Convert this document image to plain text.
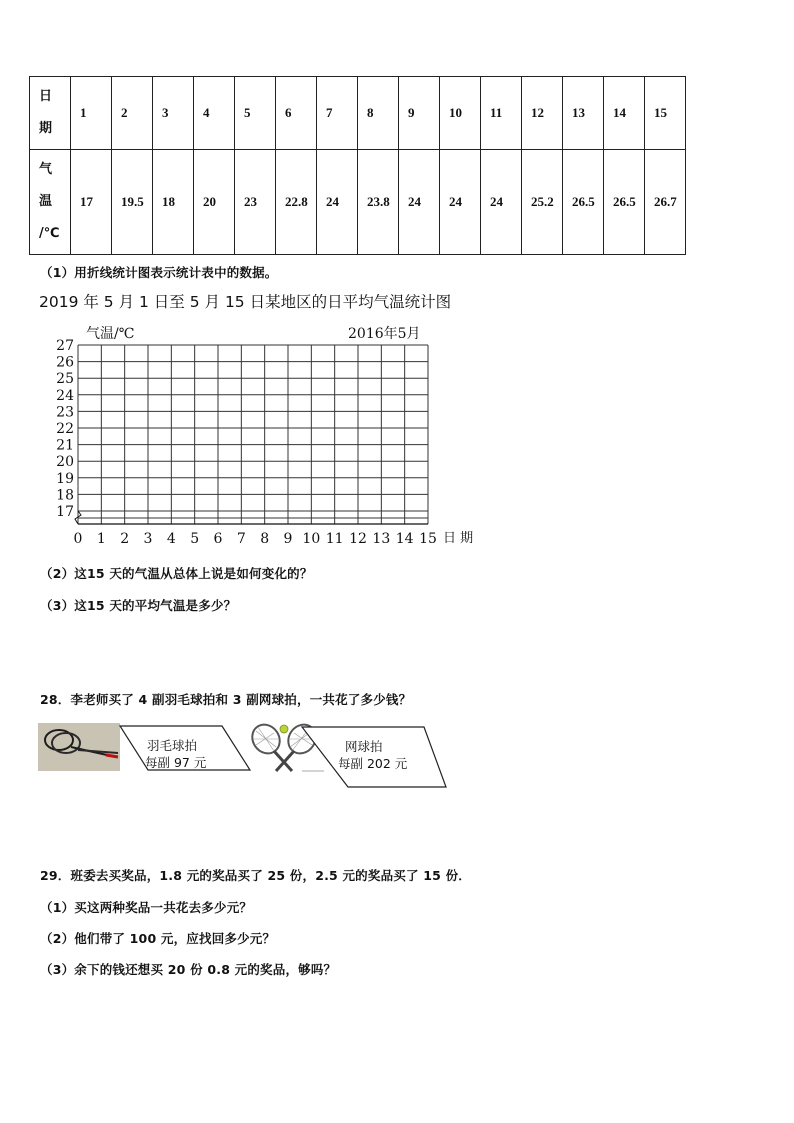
日
期	1	2	3	4	5	6	7	8	9	10	11	12	13	14	15

气
温
/℃	17	19.5	18	20	23	22.8	24	23.8	24	24	24	25.2	26.5	26.5	26.7
（1）用折线统计图表示统计表中的数据。
2019 年 5 月 1 日至 5 月 15 日某地区的日平均气温统计图
17
18
19
20
21
22
23
24
25
26
27
0 1 2 3 4 5 6 7 8 9 10 11 12 13 14 15
气温/℃	2016年5月
日 期
（2）这15 天的气温从总体上说是如何变化的？
（3）这15 天的平均气温是多少？
28．李老师买了 4 副羽毛球拍和 3 副网球拍，一共花了多少钱？
羽毛球拍
每副 97 元
网球拍
每副 202 元
29．班委去买奖品，1.8 元的奖品买了 25 份，2.5 元的奖品买了 15 份．
（1）买这两种奖品一共花去多少元？
（2）他们带了 100 元，应找回多少元？
（3）余下的钱还想买 20 份 0.8 元的奖品，够吗？
